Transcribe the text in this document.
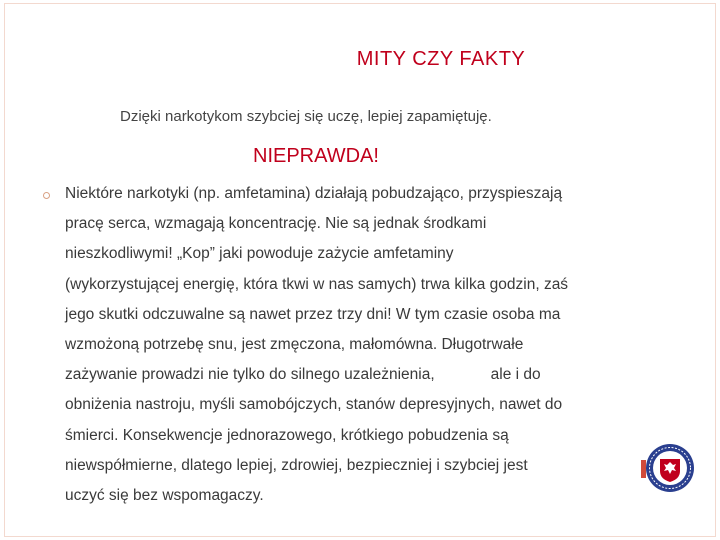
MITY CZY FAKTY
Dzięki narkotykom szybciej się uczę, lepiej zapamiętuję.
NIEPRAWDA!
Niektóre narkotyki (np. amfetamina) działają pobudzająco, przyspieszają
pracę serca, wzmagają koncentrację. Nie są jednak środkami
nieszkodliwymi! „Kop” jaki powoduje zażycie amfetaminy
(wykorzystującej energię, która tkwi w nas samych) trwa kilka godzin, zaś
jego skutki odczuwalne są nawet przez trzy dni! W tym czasie osoba ma
wzmożoną potrzebę snu, jest zmęczona, małomówna. Długotrwałe
zażywanie prowadzi nie tylko do silnego uzależnienia,	ale i do
obniżenia nastroju, myśli samobójczych, stanów depresyjnych, nawet do
śmierci. Konsekwencje jednorazowego, krótkiego pobudzenia są
niewspółmierne, dlatego lepiej, zdrowiej, bezpieczniej i szybciej jest
uczyć się bez wspomagaczy.
